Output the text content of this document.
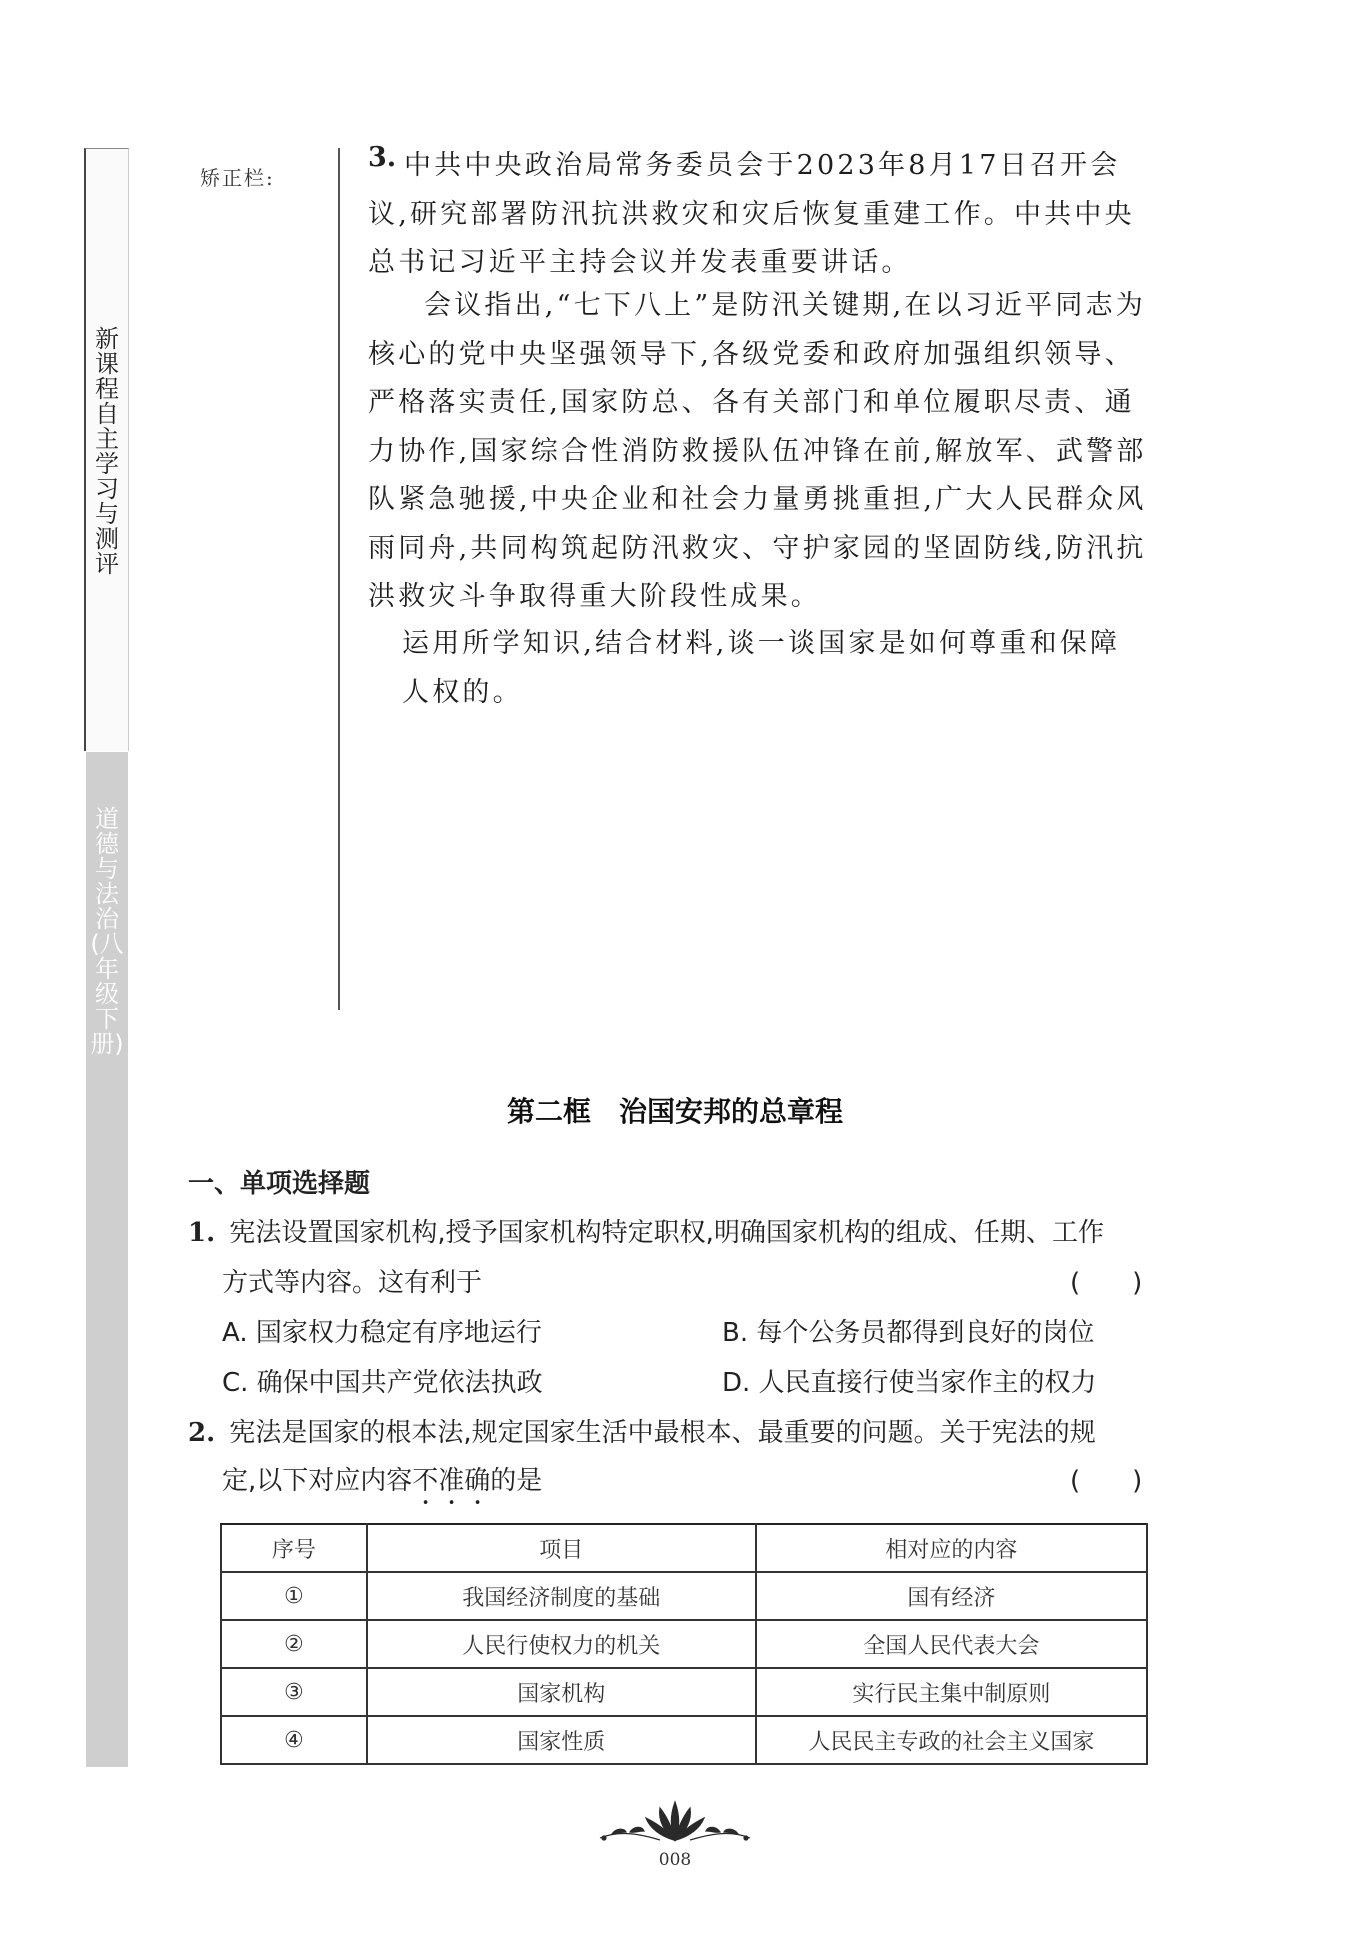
新课程自主学习与测评
道德与法治(八年级下册)
矫正栏:
3. 中共中央政治局常务委员会于2023年8月17日召开会议,研究部署防汛抗洪救灾和灾后恢复重建工作。中共中央总书记习近平主持会议并发表重要讲话。
会议指出,“七下八上”是防汛关键期,在以习近平同志为核心的党中央坚强领导下,各级党委和政府加强组织领导、严格落实责任,国家防总、各有关部门和单位履职尽责、通力协作,国家综合性消防救援队伍冲锋在前,解放军、武警部队紧急驰援,中央企业和社会力量勇挑重担,广大人民群众风雨同舟,共同构筑起防汛救灾、守护家园的坚固防线,防汛抗洪救灾斗争取得重大阶段性成果。
运用所学知识,结合材料,谈一谈国家是如何尊重和保障人权的。
第二框　治国安邦的总章程
一、单项选择题
1. 宪法设置国家机构,授予国家机构特定职权,明确国家机构的组成、任期、工作
方式等内容。这有利于	(　　)
A. 国家权力稳定有序地运行	B. 每个公务员都得到良好的岗位
C. 确保中国共产党依法执政	D. 人民直接行使当家作主的权力
2. 宪法是国家的根本法,规定国家生活中最根本、最重要的问题。关于宪法的规
定,以下对应内容不准确的是	(　　)
序号	项目	相对应的内容
①	我国经济制度的基础	国有经济
②	人民行使权力的机关	全国人民代表大会
③	国家机构	实行民主集中制原则
④	国家性质	人民民主专政的社会主义国家
008
